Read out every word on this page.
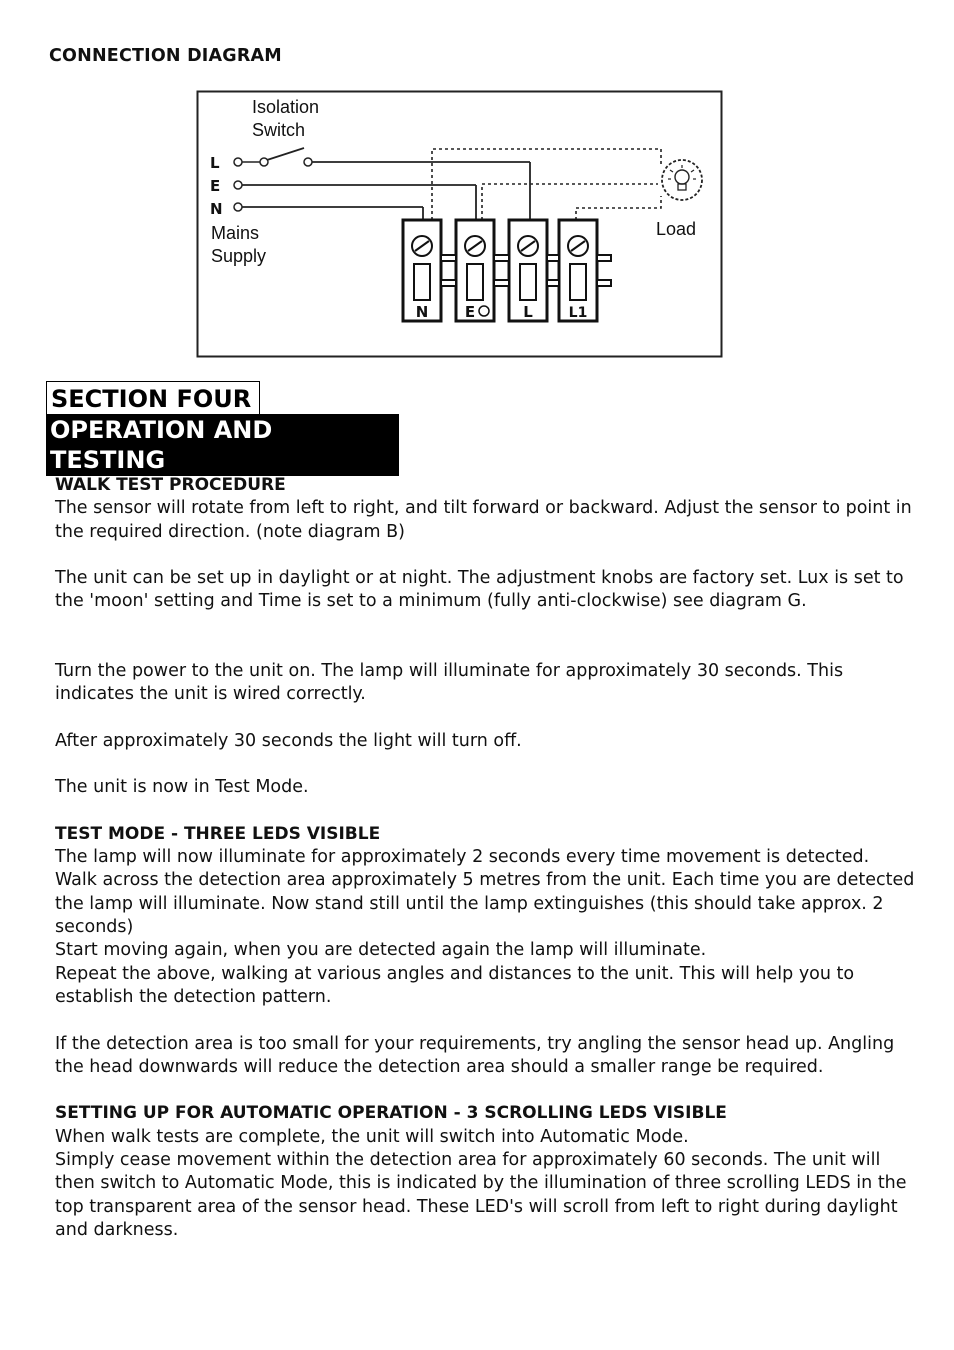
CONNECTION DIAGRAM
Isolation
Switch
Mains
Supply
Load
L
E
N
N E	L	L1
SECTION FOUR
OPERATION AND TESTING
WALK TEST PROCEDURE

The sensor will rotate from left to right, and tilt forward or backward. Adjust the sensor to point in the required direction. (note diagram B)

The unit can be set up in daylight or at night. The adjustment knobs are factory set. Lux is set to the 'moon' setting and Time is set to a minimum (fully anti-clockwise) see diagram G.

Turn the power to the unit on. The lamp will illuminate for approximately 30 seconds. This indicates the unit is wired correctly.

After approximately 30 seconds the light will turn off.

The unit is now in Test Mode.

TEST MODE - THREE LEDS VISIBLE

The lamp will now illuminate for approximately 2 seconds every time movement is detected. Walk across the detection area approximately 5 metres from the unit. Each time you are detected the lamp will illuminate. Now stand still until the lamp extinguishes (this should take approx. 2 seconds)

Start moving again, when you are detected again the lamp will illuminate.

Repeat the above, walking at various angles and distances to the unit. This will help you to establish the detection pattern.

If the detection area is too small for your requirements, try angling the sensor head up. Angling the head downwards will reduce the detection area should a smaller range be required.

SETTING UP FOR AUTOMATIC OPERATION - 3 SCROLLING LEDS VISIBLE

When walk tests are complete, the unit will switch into Automatic Mode.

Simply cease movement within the detection area for approximately 60 seconds. The unit will then switch to Automatic Mode, this is indicated by the illumination of three scrolling LEDS in the top transparent area of the sensor head. These LED's will scroll from left to right during daylight and darkness.
